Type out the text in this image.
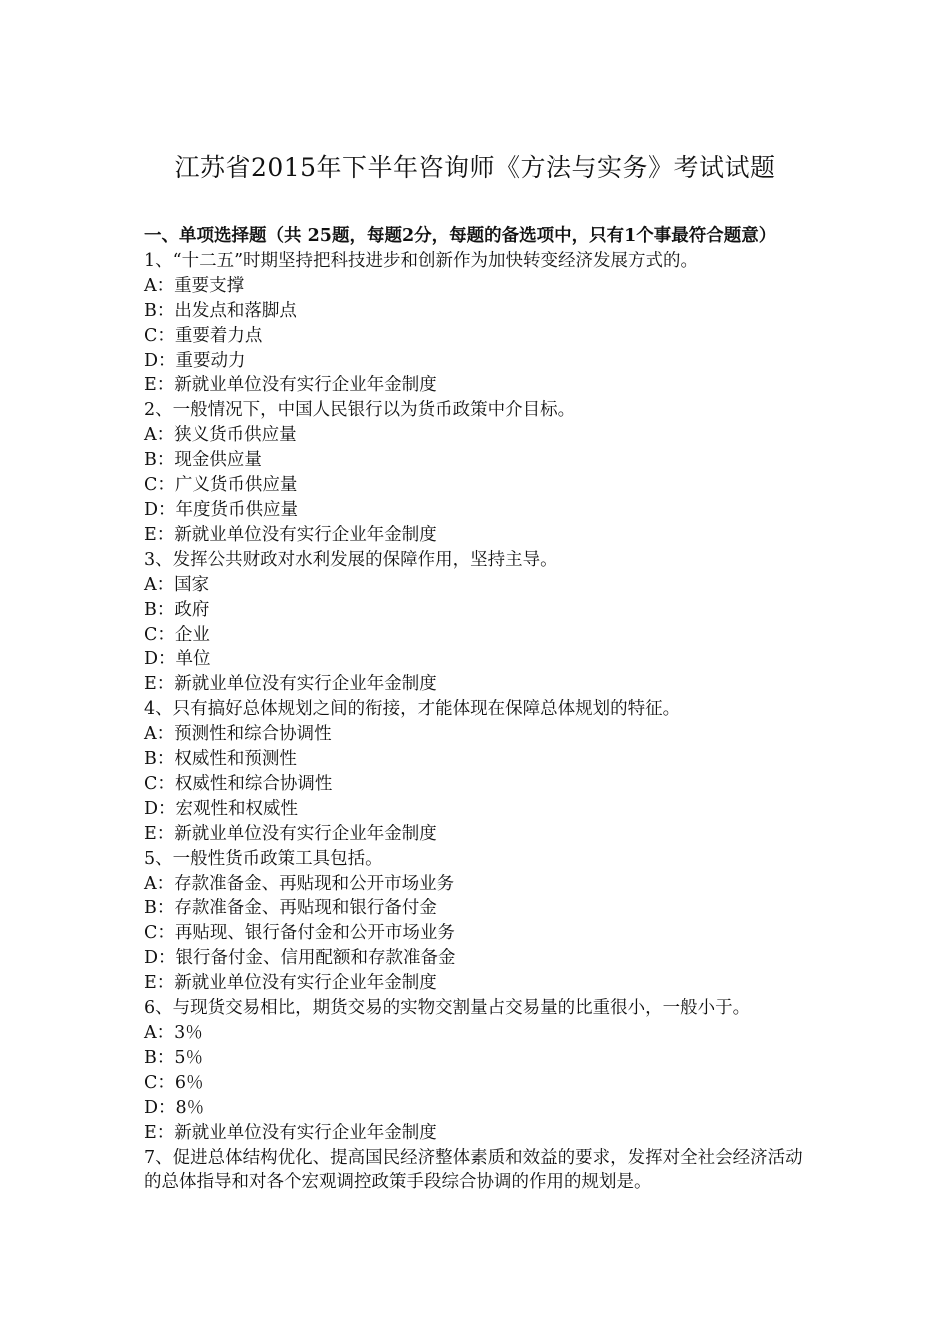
江苏省2015年下半年咨询师《方法与实务》考试试题

一、单项选择题（共 25题，每题2分，每题的备选项中，只有1个事最符合题意）

1、“十二五”时期坚持把科技进步和创新作为加快转变经济发展方式的。

A：重要支撑

B：出发点和落脚点

C：重要着力点

D：重要动力

E：新就业单位没有实行企业年金制度

2、一般情况下，中国人民银行以为货币政策中介目标。

A：狭义货币供应量

B：现金供应量

C：广义货币供应量

D：年度货币供应量

E：新就业单位没有实行企业年金制度

3、发挥公共财政对水利发展的保障作用，坚持主导。

A：国家

B：政府

C：企业

D：单位

E：新就业单位没有实行企业年金制度

4、只有搞好总体规划之间的衔接，才能体现在保障总体规划的特征。

A：预测性和综合协调性

B：权威性和预测性

C：权威性和综合协调性

D：宏观性和权威性

E：新就业单位没有实行企业年金制度

5、一般性货币政策工具包括。

A：存款准备金、再贴现和公开市场业务

B：存款准备金、再贴现和银行备付金

C：再贴现、银行备付金和公开市场业务

D：银行备付金、信用配额和存款准备金

E：新就业单位没有实行企业年金制度

6、与现货交易相比，期货交易的实物交割量占交易量的比重很小，一般小于。

A：3％

B：5％

C：6％

D：8％

E：新就业单位没有实行企业年金制度

7、促进总体结构优化、提高国民经济整体素质和效益的要求，发挥对全社会经济活动的总体指导和对各个宏观调控政策手段综合协调的作用的规划是。
